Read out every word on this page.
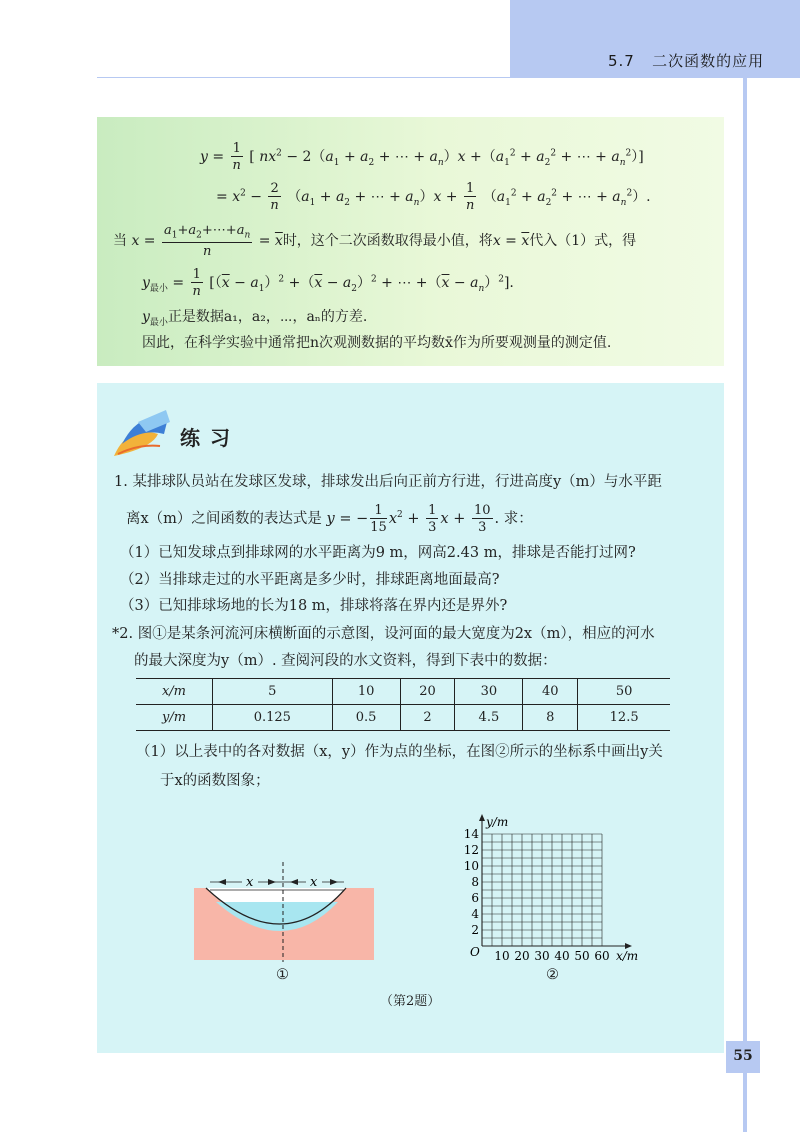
5.7 二次函数的应用
$y = \frac{1}{n}$ [ $nx^2 - 2(a_1 + a_2$ + ⋯ + $a_n)x +(a_1^2 + a_2^2$ + ⋯ + $a_n^2$）]
= $x^2 - \frac{2}{n} (a_1 + a_2$ + ⋯ + $a_n)x + \frac{1}{n} (a_1^2 + a_2^2$ + ⋯ + $a_n^2$）.
当 $x = \frac{a_1+a_2+\cdots+a_n}{n} = \overline{x}$时，这个二次函数取得最小值，将$x = \overline{x}$代入（1）式，得
$y_{最小} = \frac{1}{n} [(\overline{x} - a_1)^2 +(\overline{x} - a_2)^2$ + ⋯ $+(\overline{x} - a_n)^2$].
$y_{最小}$正是数据a₁，a₂，⋯，aₙ的方差.
因此，在科学实验中通常把n次观测数据的平均数x̄作为所要观测量的测定值.
练习
1. 某排球队员站在发球区发球，排球发出后向正前方行进，行进高度y（m）与水平距
离x（m）之间函数的表达式是 y = − $\frac{1}{15} x^2 + \frac{1}{3}$ $x + \frac{10}{3}$ . 求：
（1）已知发球点到排球网的水平距离为9 m，网高2.43 m，排球是否能打过网?
（2）当排球走过的水平距离是多少时，排球距离地面最高?
（3）已知排球场地的长为18 m，排球将落在界内还是界外?
*2. 图①是某条河流河床横断面的示意图，设河面的最大宽度为2x（m），相应的河水
的最大深度为y（m）. 查阅河段的水文资料，得到下表中的数据：
x/m	5	10	20	30	40	50
y/m	0.125	0.5	2	4.5	8	12.5
（1）以上表中的各对数据（x，y）作为点的坐标，在图②所示的坐标系中画出y关
于x的函数图象；
x	x
①
10 20 30 40 50 60
2
4
6
8
10
12
14
O	x/m
y/m
②
（第2题）
55
